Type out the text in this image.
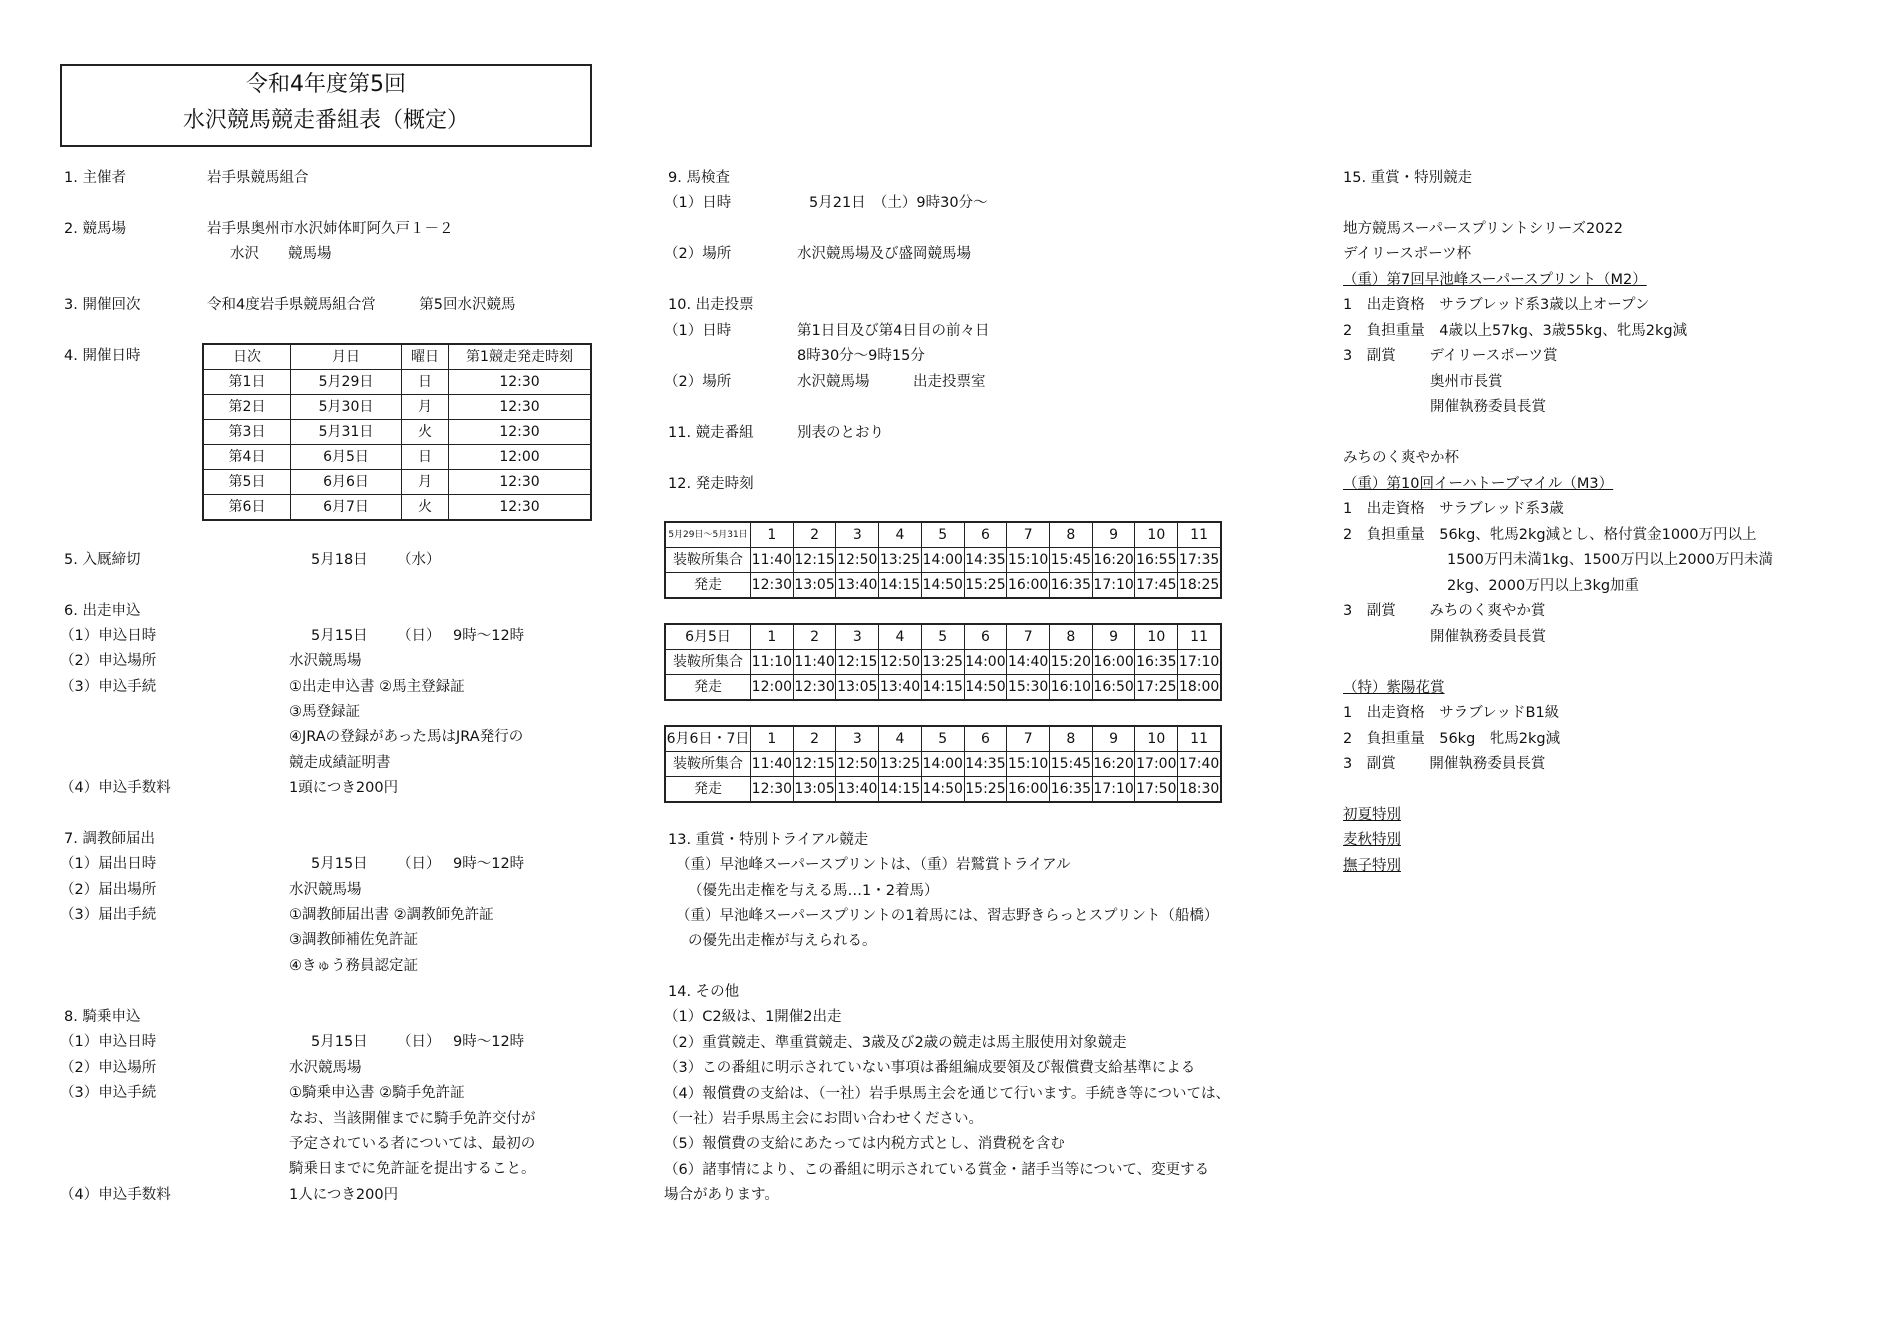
令和4年度第5回
水沢競馬競走番組表（概定）
1. 主催者	岩手県競馬組合
2. 競馬場	岩手県奥州市水沢姉体町阿久戸１－２
水沢　　競馬場
3. 開催回次	令和4度岩手県競馬組合営　　　第5回水沢競馬
4. 開催日時	日次	月日	曜日	第1競走発走時刻
第1日	5月29日	日	12:30
第2日	5月30日	月	12:30
第3日	5月31日	火	12:30
第4日	6月5日	日	12:00
第5日	6月6日	月	12:30
第6日	6月7日	火	12:30
5. 入厩締切	5月18日 （水）
6. 出走申込
（1）申込日時	5月15日 （日） 9時～12時
（2）申込場所	水沢競馬場
（3）申込手続	①出走申込書 ②馬主登録証
③馬登録証
④JRAの登録があった馬はJRA発行の
競走成績証明書
（4）申込手数料	1頭につき200円
7. 調教師届出
（1）届出日時	5月15日 （日） 9時～12時
（2）届出場所	水沢競馬場
（3）届出手続	①調教師届出書 ②調教師免許証
③調教師補佐免許証
④きゅう務員認定証
8. 騎乗申込
（1）申込日時	5月15日 （日） 9時～12時
（2）申込場所	水沢競馬場
（3）申込手続	①騎乗申込書 ②騎手免許証
なお、当該開催までに騎手免許交付が
予定されている者については、最初の
騎乗日までに免許証を提出すること。
（4）申込手数料	1人につき200円
9. 馬検査
（1）日時	5月21日　（土）9時30分～
（2）場所	水沢競馬場及び盛岡競馬場
10. 出走投票
（1）日時	第1日目及び第4日目の前々日
8時30分～9時15分
（2）場所	水沢競馬場　　　出走投票室
11. 競走番組	別表のとおり
12. 発走時刻
5月29日～5月31日	1	2	3	4	5	6	7	8	9	10	11
装鞍所集合	11:40	12:15	12:50	13:25	14:00	14:35	15:10	15:45	16:20	16:55	17:35
発走	12:30	13:05	13:40	14:15	14:50	15:25	16:00	16:35	17:10	17:45	18:25
6月5日	1	2	3	4	5	6	7	8	9	10	11
装鞍所集合	11:10	11:40	12:15	12:50	13:25	14:00	14:40	15:20	16:00	16:35	17:10
発走	12:00	12:30	13:05	13:40	14:15	14:50	15:30	16:10	16:50	17:25	18:00
6月6日・7日	1	2	3	4	5	6	7	8	9	10	11
装鞍所集合	11:40	12:15	12:50	13:25	14:00	14:35	15:10	15:45	16:20	17:00	17:40
発走	12:30	13:05	13:40	14:15	14:50	15:25	16:00	16:35	17:10	17:50	18:30
13. 重賞・特別トライアル競走
（重）早池峰スーパースプリントは、（重）岩鷲賞トライアル
（優先出走権を与える馬…1・2着馬）
（重）早池峰スーパースプリントの1着馬には、習志野きらっとスプリント（船橋）
の優先出走権が与えられる。
14. その他
（1）C2級は、1開催2出走
（2）重賞競走、準重賞競走、3歳及び2歳の競走は馬主服使用対象競走
（3）この番組に明示されていない事項は番組編成要領及び報償費支給基準による
（4）報償費の支給は、（一社）岩手県馬主会を通じて行います。手続き等については、
（一社）岩手県馬主会にお問い合わせください。
（5）報償費の支給にあたっては内税方式とし、消費税を含む
（6）諸事情により、この番組に明示されている賞金・諸手当等について、変更する
場合があります。
15. 重賞・特別競走
地方競馬スーパースプリントシリーズ2022
デイリースポーツ杯
（重）第7回早池峰スーパースプリント（M2）
1　出走資格　サラブレッド系3歳以上オープン
2　負担重量　4歳以上57kg、3歳55kg、牝馬2kg減
3　副賞　　 デイリースポーツ賞
奥州市長賞
開催執務委員長賞
みちのく爽やか杯
（重）第10回イーハトーブマイル（M3）
1　出走資格　サラブレッド系3歳
2　負担重量　56kg、牝馬2kg減とし、格付賞金1000万円以上
1500万円未満1kg、1500万円以上2000万円未満
2kg、2000万円以上3kg加重
3　副賞　　 みちのく爽やか賞
開催執務委員長賞
（特）紫陽花賞
1　出走資格　サラブレッドB1級
2　負担重量　56kg　牝馬2kg減
3　副賞　　 開催執務委員長賞
初夏特別
麦秋特別
撫子特別
